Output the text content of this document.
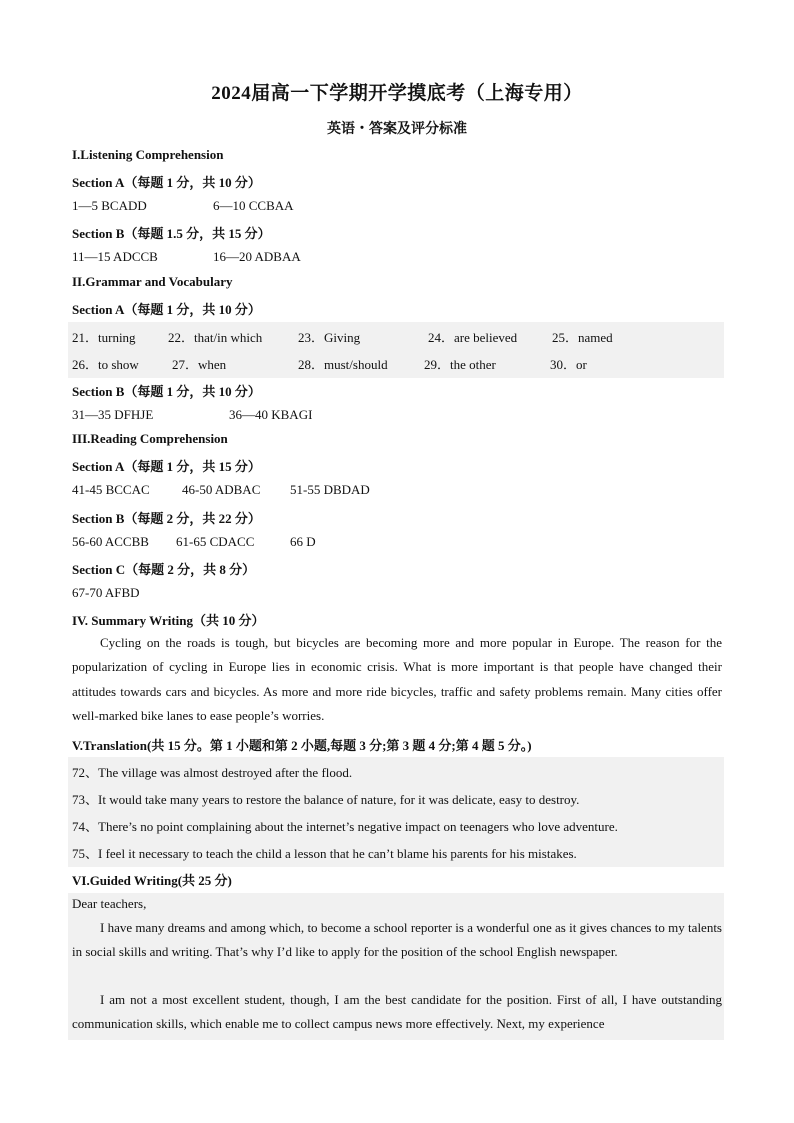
2024届高一下学期开学摸底考（上海专用）
英语・答案及评分标准
I.Listening Comprehension
Section A（每题 1 分，共 10 分）
1—5 BCADD	6—10 CCBAA
Section B（每题 1.5 分，共 15 分）
11—15 ADCCB	16—20 ADBAA
II.Grammar and Vocabulary
Section A（每题 1 分，共 10 分）
21．turning 22．that/in which	23．Giving	24．are believed	25．named
26．to show	27．when	28．must/should	29．the other	30．or
Section B（每题 1 分，共 10 分）
31—35 DFHJE	36—40 KBAGI
III.Reading Comprehension
Section A（每题 1 分，共 15 分）
41-45 BCCAC 46-50 ADBAC 51-55 DBDAD
Section B（每题 2 分，共 22 分）
56-60 ACCBB 61-65 CDACC	66 D
Section C（每题 2 分，共 8 分）
67-70 AFBD
IV. Summary Writing（共 10 分）
Cycling on the roads is tough, but bicycles are becoming more and more popular in Europe. The reason for the popularization of cycling in Europe lies in economic crisis. What is more important is that people have changed their attitudes towards cars and bicycles. As more and more ride bicycles, traffic and safety problems remain. Many cities offer well-marked bike lanes to ease people’s worries.
V.Translation(共 15 分。第 1 小题和第 2 小题,每题 3 分;第 3 题 4 分;第 4 题 5 分。)
72、The village was almost destroyed after the flood.
73、It would take many years to restore the balance of nature, for it was delicate, easy to destroy.
74、There’s no point complaining about the internet’s negative impact on teenagers who love adventure.
75、I feel it necessary to teach the child a lesson that he can’t blame his parents for his mistakes.
VI.Guided Writing(共 25 分)
Dear teachers,
I have many dreams and among which, to become a school reporter is a wonderful one as it gives chances to my talents in social skills and writing. That’s why I’d like to apply for the position of the school English newspaper.
I am not a most excellent student, though, I am the best candidate for the position. First of all, I have outstanding communication skills, which enable me to collect campus news more effectively. Next, my experience
